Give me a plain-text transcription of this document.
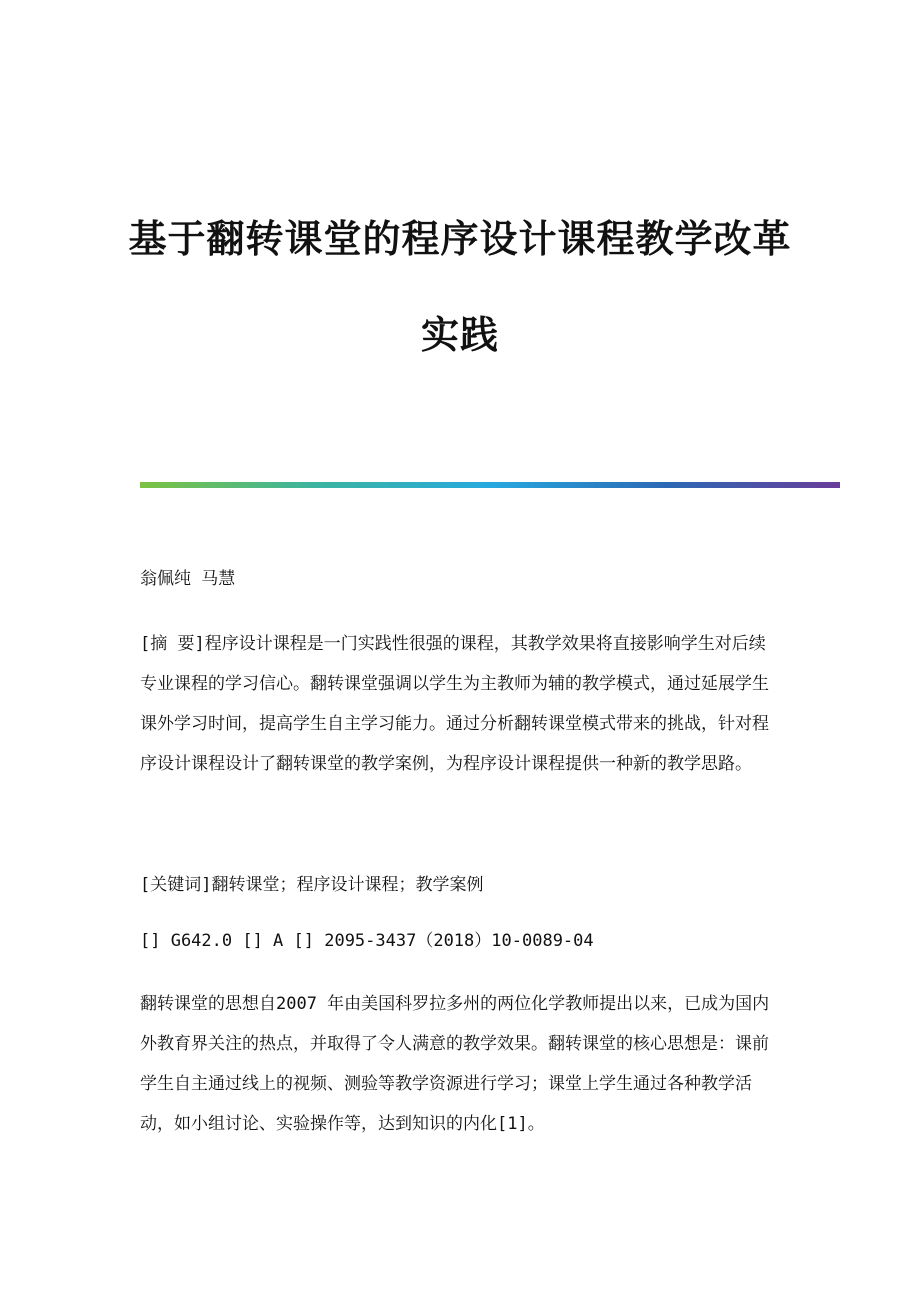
基于翻转课堂的程序设计课程教学改革
实践

翁佩纯 马慧

[摘 要]程序设计课程是一门实践性很强的课程，其教学效果将直接影响学生对后续专业课程的学习信心。翻转课堂强调以学生为主教师为辅的教学模式，通过延展学生课外学习时间，提高学生自主学习能力。通过分析翻转课堂模式带来的挑战，针对程序设计课程设计了翻转课堂的教学案例，为程序设计课程提供一种新的教学思路。

[关键词]翻转课堂；程序设计课程；教学案例

[] G642.0 [] A [] 2095-3437（2018）10-0089-04

翻转课堂的思想自2007 年由美国科罗拉多州的两位化学教师提出以来，已成为国内外教育界关注的热点，并取得了令人满意的教学效果。翻转课堂的核心思想是：课前学生自主通过线上的视频、测验等教学资源进行学习；课堂上学生通过各种教学活动，如小组讨论、实验操作等，达到知识的内化[1]。
